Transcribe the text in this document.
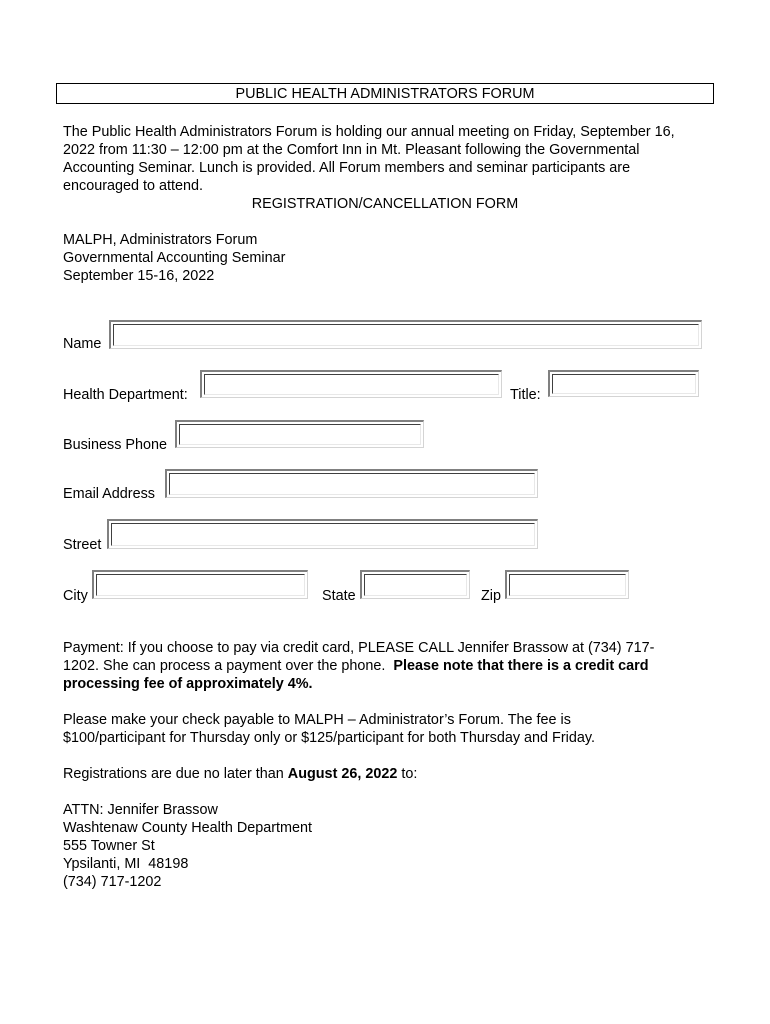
PUBLIC HEALTH ADMINISTRATORS FORUM
The Public Health Administrators Forum is holding our annual meeting on Friday, September 16,
2022 from 11:30 – 12:00 pm at the Comfort Inn in Mt. Pleasant following the Governmental
Accounting Seminar. Lunch is provided. All Forum members and seminar participants are
encouraged to attend.
REGISTRATION/CANCELLATION FORM
MALPH, Administrators Forum
Governmental Accounting Seminar
September 15-16, 2022
Name
Health Department:	Title:
Business Phone
Email Address
Street
City	State	Zip
Payment: If you choose to pay via credit card, PLEASE CALL Jennifer Brassow at (734) 717-
1202. She can process a payment over the phone.  Please note that there is a credit card
processing fee of approximately 4%.
Please make your check payable to MALPH – Administrator’s Forum. The fee is
$100/participant for Thursday only or $125/participant for both Thursday and Friday.
Registrations are due no later than August 26, 2022 to:
ATTN: Jennifer Brassow
Washtenaw County Health Department
555 Towner St
Ypsilanti, MI  48198
(734) 717-1202
